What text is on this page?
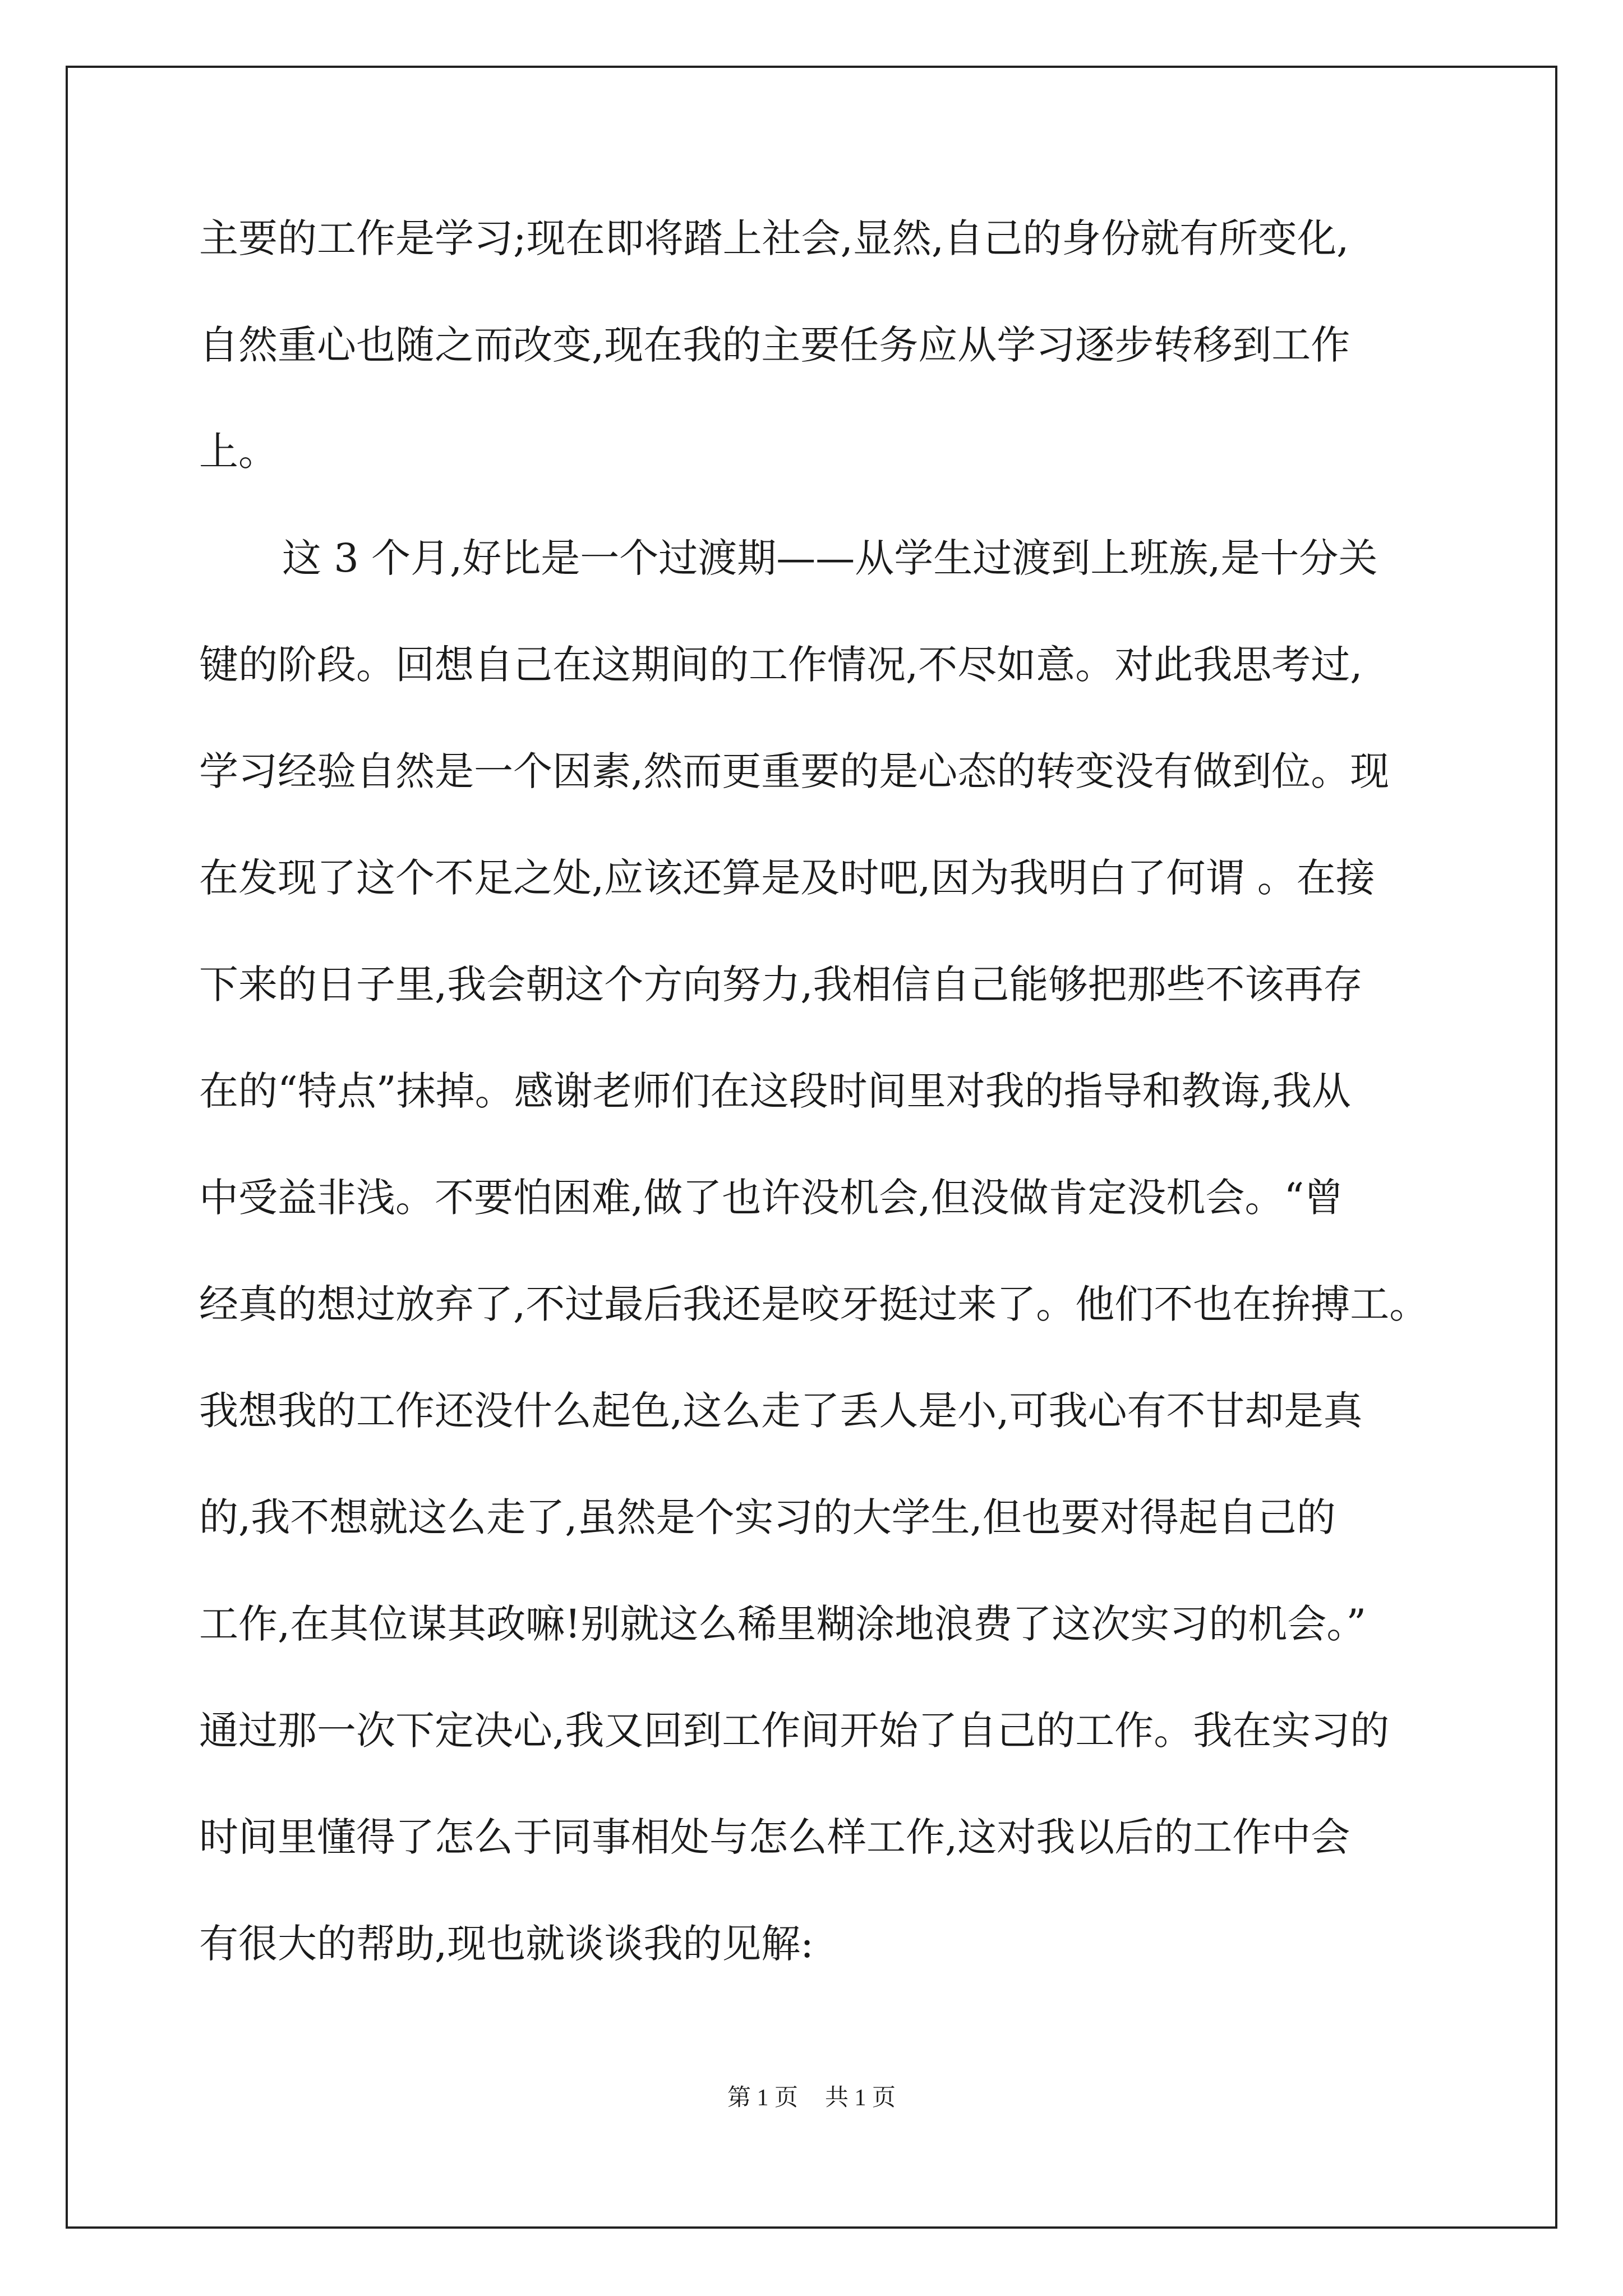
主要的工作是学习;现在即将踏上社会,显然,自己的身份就有所变化,
自然重心也随之而改变,现在我的主要任务应从学习逐步转移到工作
上。
这 3 个月,好比是一个过渡期——从学生过渡到上班族,是十分关
键的阶段。回想自己在这期间的工作情况,不尽如意。对此我思考过,
学习经验自然是一个因素,然而更重要的是心态的转变没有做到位。现
在发现了这个不足之处,应该还算是及时吧,因为我明白了何谓 。在接
下来的日子里,我会朝这个方向努力,我相信自己能够把那些不该再存
在的“特点”抹掉。感谢老师们在这段时间里对我的指导和教诲,我从
中受益非浅。不要怕困难,做了也许没机会,但没做肯定没机会。“曾
经真的想过放弃了,不过最后我还是咬牙挺过来了。他们不也在拚搏工。
我想我的工作还没什么起色,这么走了丢人是小,可我心有不甘却是真
的,我不想就这么走了,虽然是个实习的大学生,但也要对得起自己的
工作,在其位谋其政嘛!别就这么稀里糊涂地浪费了这次实习的机会。”
通过那一次下定决心,我又回到工作间开始了自己的工作。我在实习的
时间里懂得了怎么于同事相处与怎么样工作,这对我以后的工作中会
有很大的帮助,现也就谈谈我的见解:
第 1 页 共 1 页
